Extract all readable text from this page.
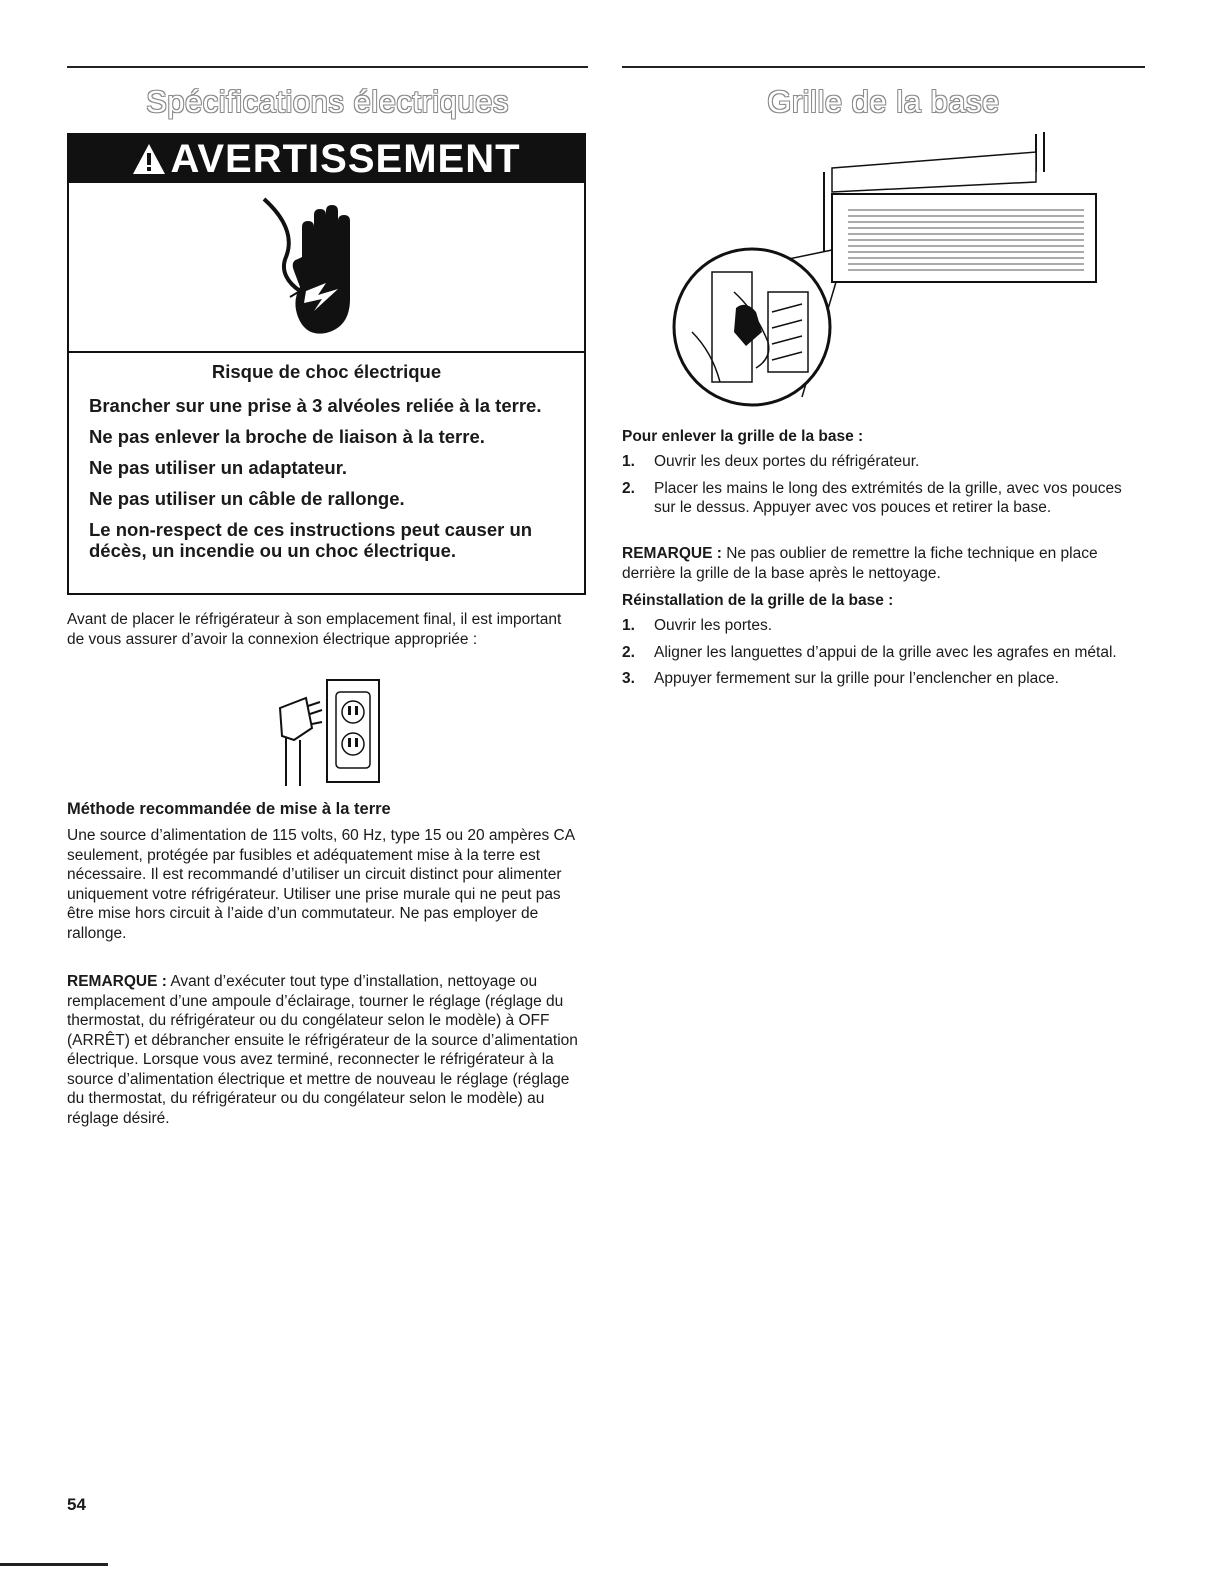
Spécifications électriques
AVERTISSEMENT

Risque de choc électrique

Brancher sur une prise à 3 alvéoles reliée à la terre.

Ne pas enlever la broche de liaison à la terre.

Ne pas utiliser un adaptateur.

Ne pas utiliser un câble de rallonge.

Le non-respect de ces instructions peut causer un décès, un incendie ou un choc électrique.

Avant de placer le réfrigérateur à son emplacement final, il est important de vous assurer d’avoir la connexion électrique appropriée :

Méthode recommandée de mise à la terre

Une source d’alimentation de 115 volts, 60 Hz, type 15 ou 20 ampères CA seulement, protégée par fusibles et adéquatement mise à la terre est nécessaire. Il est recommandé d’utiliser un circuit distinct pour alimenter uniquement votre réfrigérateur. Utiliser une prise murale qui ne peut pas être mise hors circuit à l’aide d’un commutateur. Ne pas employer de rallonge.

REMARQUE : Avant d’exécuter tout type d’installation, nettoyage ou remplacement d’une ampoule d’éclairage, tourner le réglage (réglage du thermostat, du réfrigérateur ou du congélateur selon le modèle) à OFF (ARRÊT) et débrancher ensuite le réfrigérateur de la source d’alimentation électrique. Lorsque vous avez terminé, reconnecter le réfrigérateur à la source d’alimentation électrique et mettre de nouveau le réglage (réglage du thermostat, du réfrigérateur ou du congélateur selon le modèle) au réglage désiré.

Grille de la base

Pour enlever la grille de la base :

1. Ouvrir les deux portes du réfrigérateur.
2. Placer les mains le long des extrémités de la grille, avec vos pouces sur le dessus. Appuyer avec vos pouces et retirer la base.

REMARQUE : Ne pas oublier de remettre la fiche technique en place derrière la grille de la base après le nettoyage.

Réinstallation de la grille de la base :

1. Ouvrir les portes.
2. Aligner les languettes d’appui de la grille avec les agrafes en métal.
3. Appuyer fermement sur la grille pour l’enclencher en place.
54
